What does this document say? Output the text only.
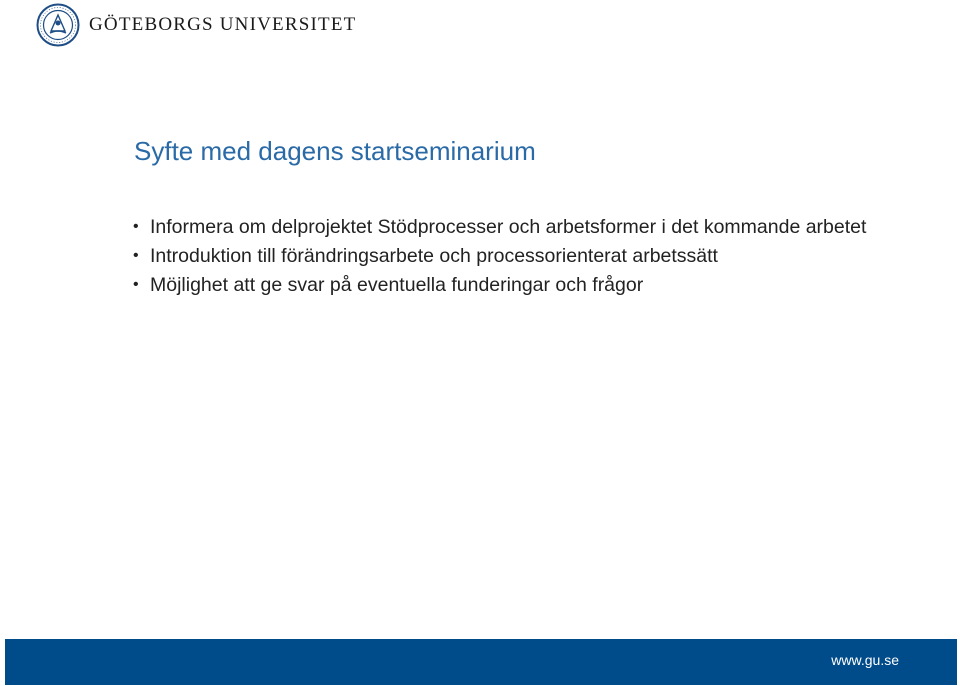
GÖTEBORGS UNIVERSITET
Syfte med dagens startseminarium
• Informera om delprojektet Stödprocesser och arbetsformer i det kommande arbetet
• Introduktion till förändringsarbete och processorienterat arbetssätt
• Möjlighet att ge svar på eventuella funderingar och frågor
www.gu.se
